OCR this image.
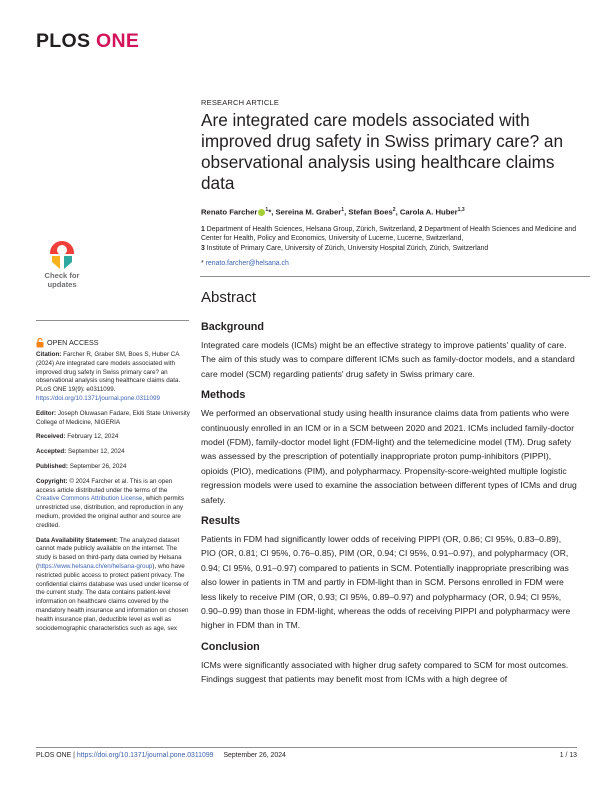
PLOS ONE
Check for
updates
OPEN ACCESS
Citation: Farcher R, Graber SM, Boes S, Huber CA (2024) Are integrated care models associated with improved drug safety in Swiss primary care? an observational analysis using healthcare claims data. PLoS ONE 19(9): e0311099. https://doi.org/10.1371/journal.pone.0311099
Editor: Joseph Oluwasan Fadare, Ekiti State University College of Medicine, NIGERIA
Received: February 12, 2024
Accepted: September 12, 2024
Published: September 26, 2024
Copyright: © 2024 Farcher et al. This is an open access article distributed under the terms of the Creative Commons Attribution License, which permits unrestricted use, distribution, and reproduction in any medium, provided the original author and source are credited.
Data Availability Statement: The analyzed dataset cannot made publicly available on the internet. The study is based on third-party data owned by Helsana (https://www.helsana.ch/en/helsana-group), who have restricted public access to protect patient privacy. The confidential claims database was used under license of the current study. The data contains patient-level information on healthcare claims covered by the mandatory health insurance and information on chosen health insurance plan, deductible level as well as sociodemographic characteristics such as age, sex
RESEARCH ARTICLE
Are integrated care models associated with improved drug safety in Swiss primary care? an observational analysis using healthcare claims data
Renato Farcher $^1$*, Sereina M. Graber$^1$, Stefan Boes$^2$, Carola A. Huber$^{1,3}$
1 Department of Health Sciences, Helsana Group, Zürich, Switzerland, 2 Department of Health Sciences and Medicine and Center for Health, Policy and Economics, University of Lucerne, Lucerne, Switzerland,
3 Institute of Primary Care, University of Zürich, University Hospital Zürich, Zürich, Switzerland
* renato.farcher@helsana.ch
Abstract
Background

Integrated care models (ICMs) might be an effective strategy to improve patients' quality of care. The aim of this study was to compare different ICMs such as family-doctor models, and a standard care model (SCM) regarding patients' drug safety in Swiss primary care.

Methods

We performed an observational study using health insurance claims data from patients who were continuously enrolled in an ICM or in a SCM between 2020 and 2021. ICMs included family-doctor model (FDM), family-doctor model light (FDM-light) and the telemedicine model (TM). Drug safety was assessed by the prescription of potentially inappropriate proton pump-inhibitors (PIPPI), opioids (PIO), medications (PIM), and polypharmacy. Propensity-score-weighted multiple logistic regression models were used to examine the association between different types of ICMs and drug safety.

Results

Patients in FDM had significantly lower odds of receiving PIPPI (OR, 0.86; CI 95%, 0.83–0.89), PIO (OR, 0.81; CI 95%, 0.76–0.85), PIM (OR, 0.94; CI 95%, 0.91–0.97), and polypharmacy (OR, 0.94; CI 95%, 0.91–0.97) compared to patients in SCM. Potentially inappropriate prescribing was also lower in patients in TM and partly in FDM-light than in SCM. Persons enrolled in FDM were less likely to receive PIM (OR, 0.93; CI 95%, 0.89–0.97) and polypharmacy (OR, 0.94; CI 95%, 0.90–0.99) than those in FDM-light, whereas the odds of receiving PIPPI and polypharmacy were higher in FDM than in TM.

Conclusion

ICMs were significantly associated with higher drug safety compared to SCM for most outcomes. Findings suggest that patients may benefit most from ICMs with a high degree of

PLOS ONE | https://doi.org/10.1371/journal.pone.0311099 September 26, 2024	1 / 13
